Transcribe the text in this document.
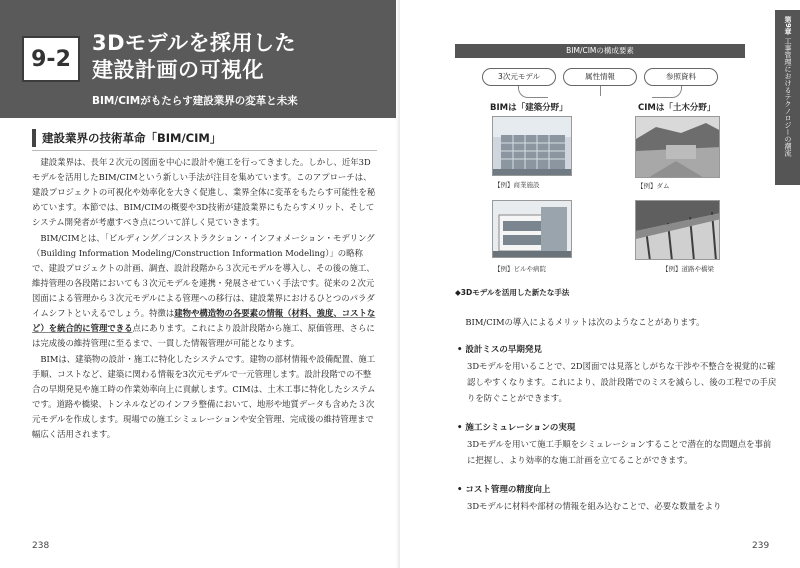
9-2
3Dモデルを採用した
建設計画の可視化
BIM/CIMがもたらす建設業界の変革と未来
建設業界の技術革命「BIM/CIM」

　建設業界は、長年２次元の図面を中心に設計や施工を行ってきました。しかし、近年3Dモデルを活用したBIM/CIMという新しい手法が注目を集めています。このアプローチは、建設プロジェクトの可視化や効率化を大きく促進し、業界全体に変革をもたらす可能性を秘めています。本節では、BIM/CIMの概要や3D技術が建設業界にもたらすメリット、そしてシステム開発者が考慮すべき点について詳しく見ていきます。

　BIM/CIMとは、「ビルディング／コンストラクション・インフォメーション・モデリング（Building Information Modeling/Construction Information Modeling）」の略称で、建設プロジェクトの計画、調査、設計段階から３次元モデルを導入し、その後の施工、維持管理の各段階においても３次元モデルを連携・発展させていく手法です。従来の２次元図面による管理から３次元モデルによる管理への移行は、建設業界におけるひとつのパラダイムシフトといえるでしょう。特徴は建物や構造物の各要素の情報（材料、強度、コストなど）を統合的に管理できる点にあります。これにより設計段階から施工、原価管理、さらには完成後の維持管理に至るまで、一貫した情報管理が可能となります。

　BIMは、建築物の設計・施工に特化したシステムです。建物の部材情報や設備配置、施工手順、コストなど、建築に関わる情報を3次元モデルで一元管理します。設計段階での不整合の早期発見や施工時の作業効率向上に貢献します。CIMは、土木工事に特化したシステムです。道路や橋梁、トンネルなどのインフラ整備において、地形や地質データも含めた３次元モデルを作成します。現場での施工シミュレーションや安全管理、完成後の維持管理まで幅広く活用されます。

238
BIM/CIMの構成要素
3次元モデル	属性情報	参照資料
BIMは「建築分野」	CIMは「土木分野」
【例】商業施設	【例】ダム
【例】ビルや病院	【例】道路や橋梁
◆3Dモデルを活用した新たな手法

　BIM/CIMの導入によるメリットは次のようなことがあります。

• 設計ミスの早期発見

3Dモデルを用いることで、2D図面では見落としがちな干渉や不整合を視覚的に確認しやすくなります。これにより、設計段階でのミスを減らし、後の工程での手戻りを防ぐことができます。

• 施工シミュレーションの実現

3Dモデルを用いて施工手順をシミュレーションすることで潜在的な問題点を事前に把握し、より効率的な施工計画を立てることができます。

• コスト管理の精度向上

3Dモデルに材料や部材の情報を組み込むことで、必要な数量をより

239
第9章 工事管理におけるテクノロジーの潮流
